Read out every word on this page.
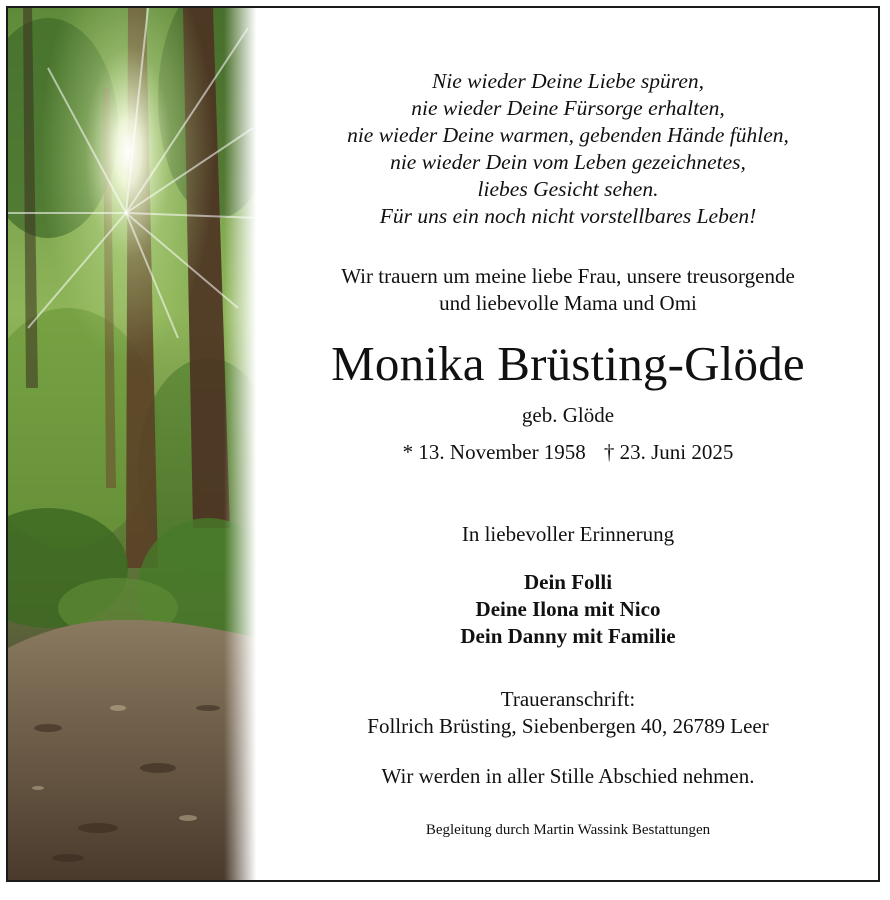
Nie wieder Deine Liebe spüren,
nie wieder Deine Fürsorge erhalten,
nie wieder Deine warmen, gebenden Hände fühlen,
nie wieder Dein vom Leben gezeichnetes,
liebes Gesicht sehen.
Für uns ein noch nicht vorstellbares Leben!
Wir trauern um meine liebe Frau, unsere treusorgende
und liebevolle Mama und Omi
Monika Brüsting-Glöde
geb. Glöde
* 13. November 1958 † 23. Juni 2025
In liebevoller Erinnerung
Dein Folli
Deine Ilona mit Nico
Dein Danny mit Familie
Traueranschrift:
Follrich Brüsting, Siebenbergen 40, 26789 Leer
Wir werden in aller Stille Abschied nehmen.
Begleitung durch Martin Wassink Bestattungen
